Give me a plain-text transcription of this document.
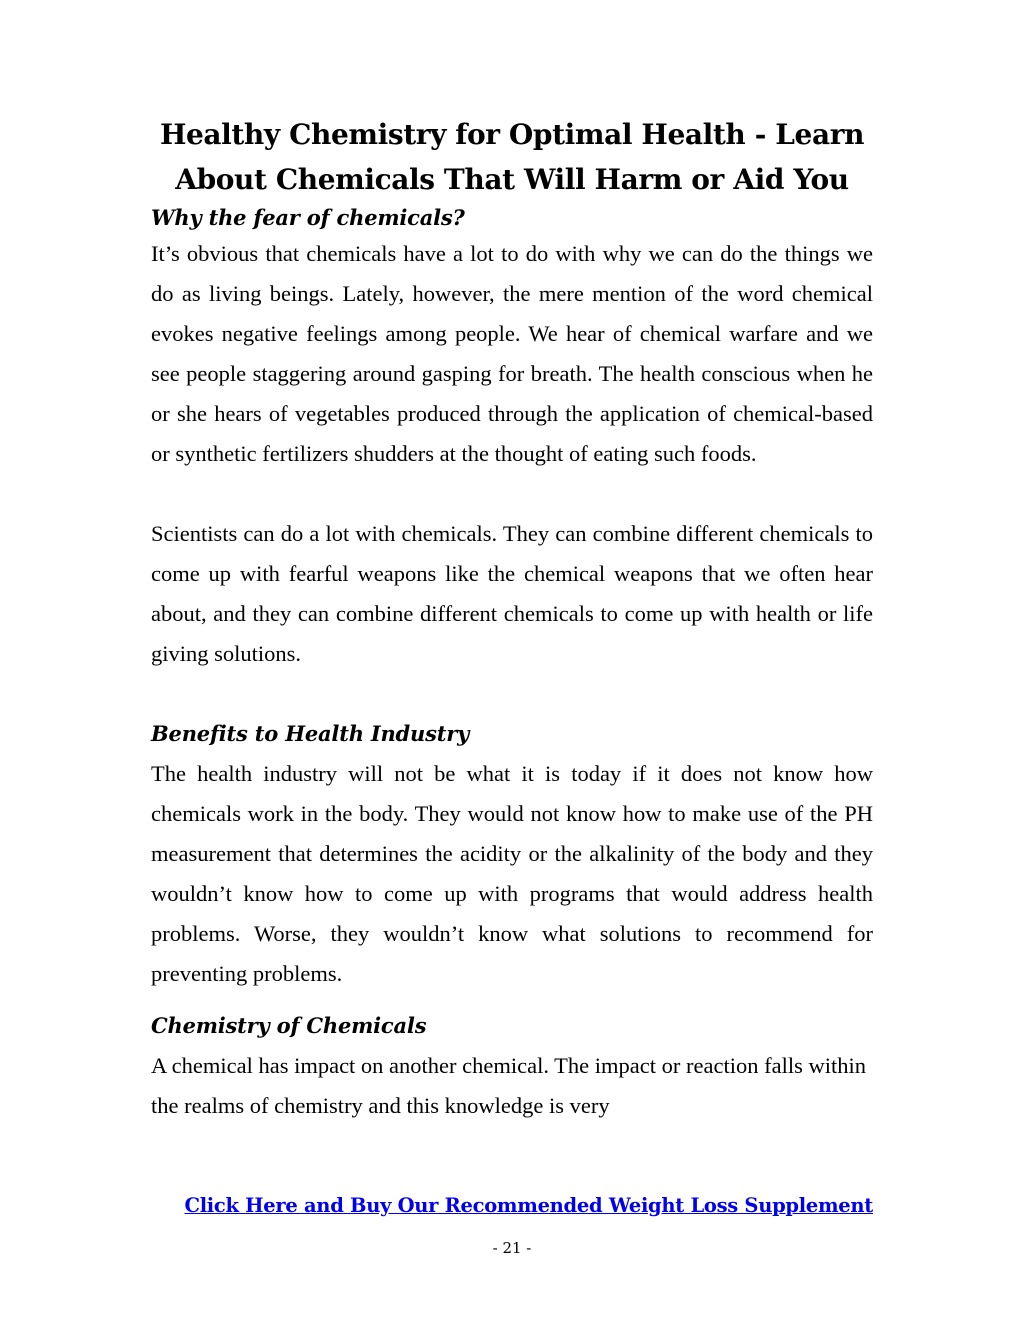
Healthy Chemistry for Optimal Health - Learn About Chemicals That Will Harm or Aid You
Why the fear of chemicals?

It’s obvious that chemicals have a lot to do with why we can do the things we do as living beings. Lately, however, the mere mention of the word chemical evokes negative feelings among people. We hear of chemical warfare and we see people staggering around gasping for breath. The health conscious when he or she hears of vegetables produced through the application of chemical-based or synthetic fertilizers shudders at the thought of eating such foods.

Scientists can do a lot with chemicals. They can combine different chemicals to come up with fearful weapons like the chemical weapons that we often hear about, and they can combine different chemicals to come up with health or life giving solutions.

Benefits to Health Industry

The health industry will not be what it is today if it does not know how chemicals work in the body. They would not know how to make use of the PH measurement that determines the acidity or the alkalinity of the body and they wouldn’t know how to come up with programs that would address health problems. Worse, they wouldn’t know what solutions to recommend for preventing problems.

Chemistry of Chemicals

A chemical has impact on another chemical. The impact or reaction falls within the realms of chemistry and this knowledge is very

Click Here and Buy Our Recommended Weight Loss Supplement
- 21 -
